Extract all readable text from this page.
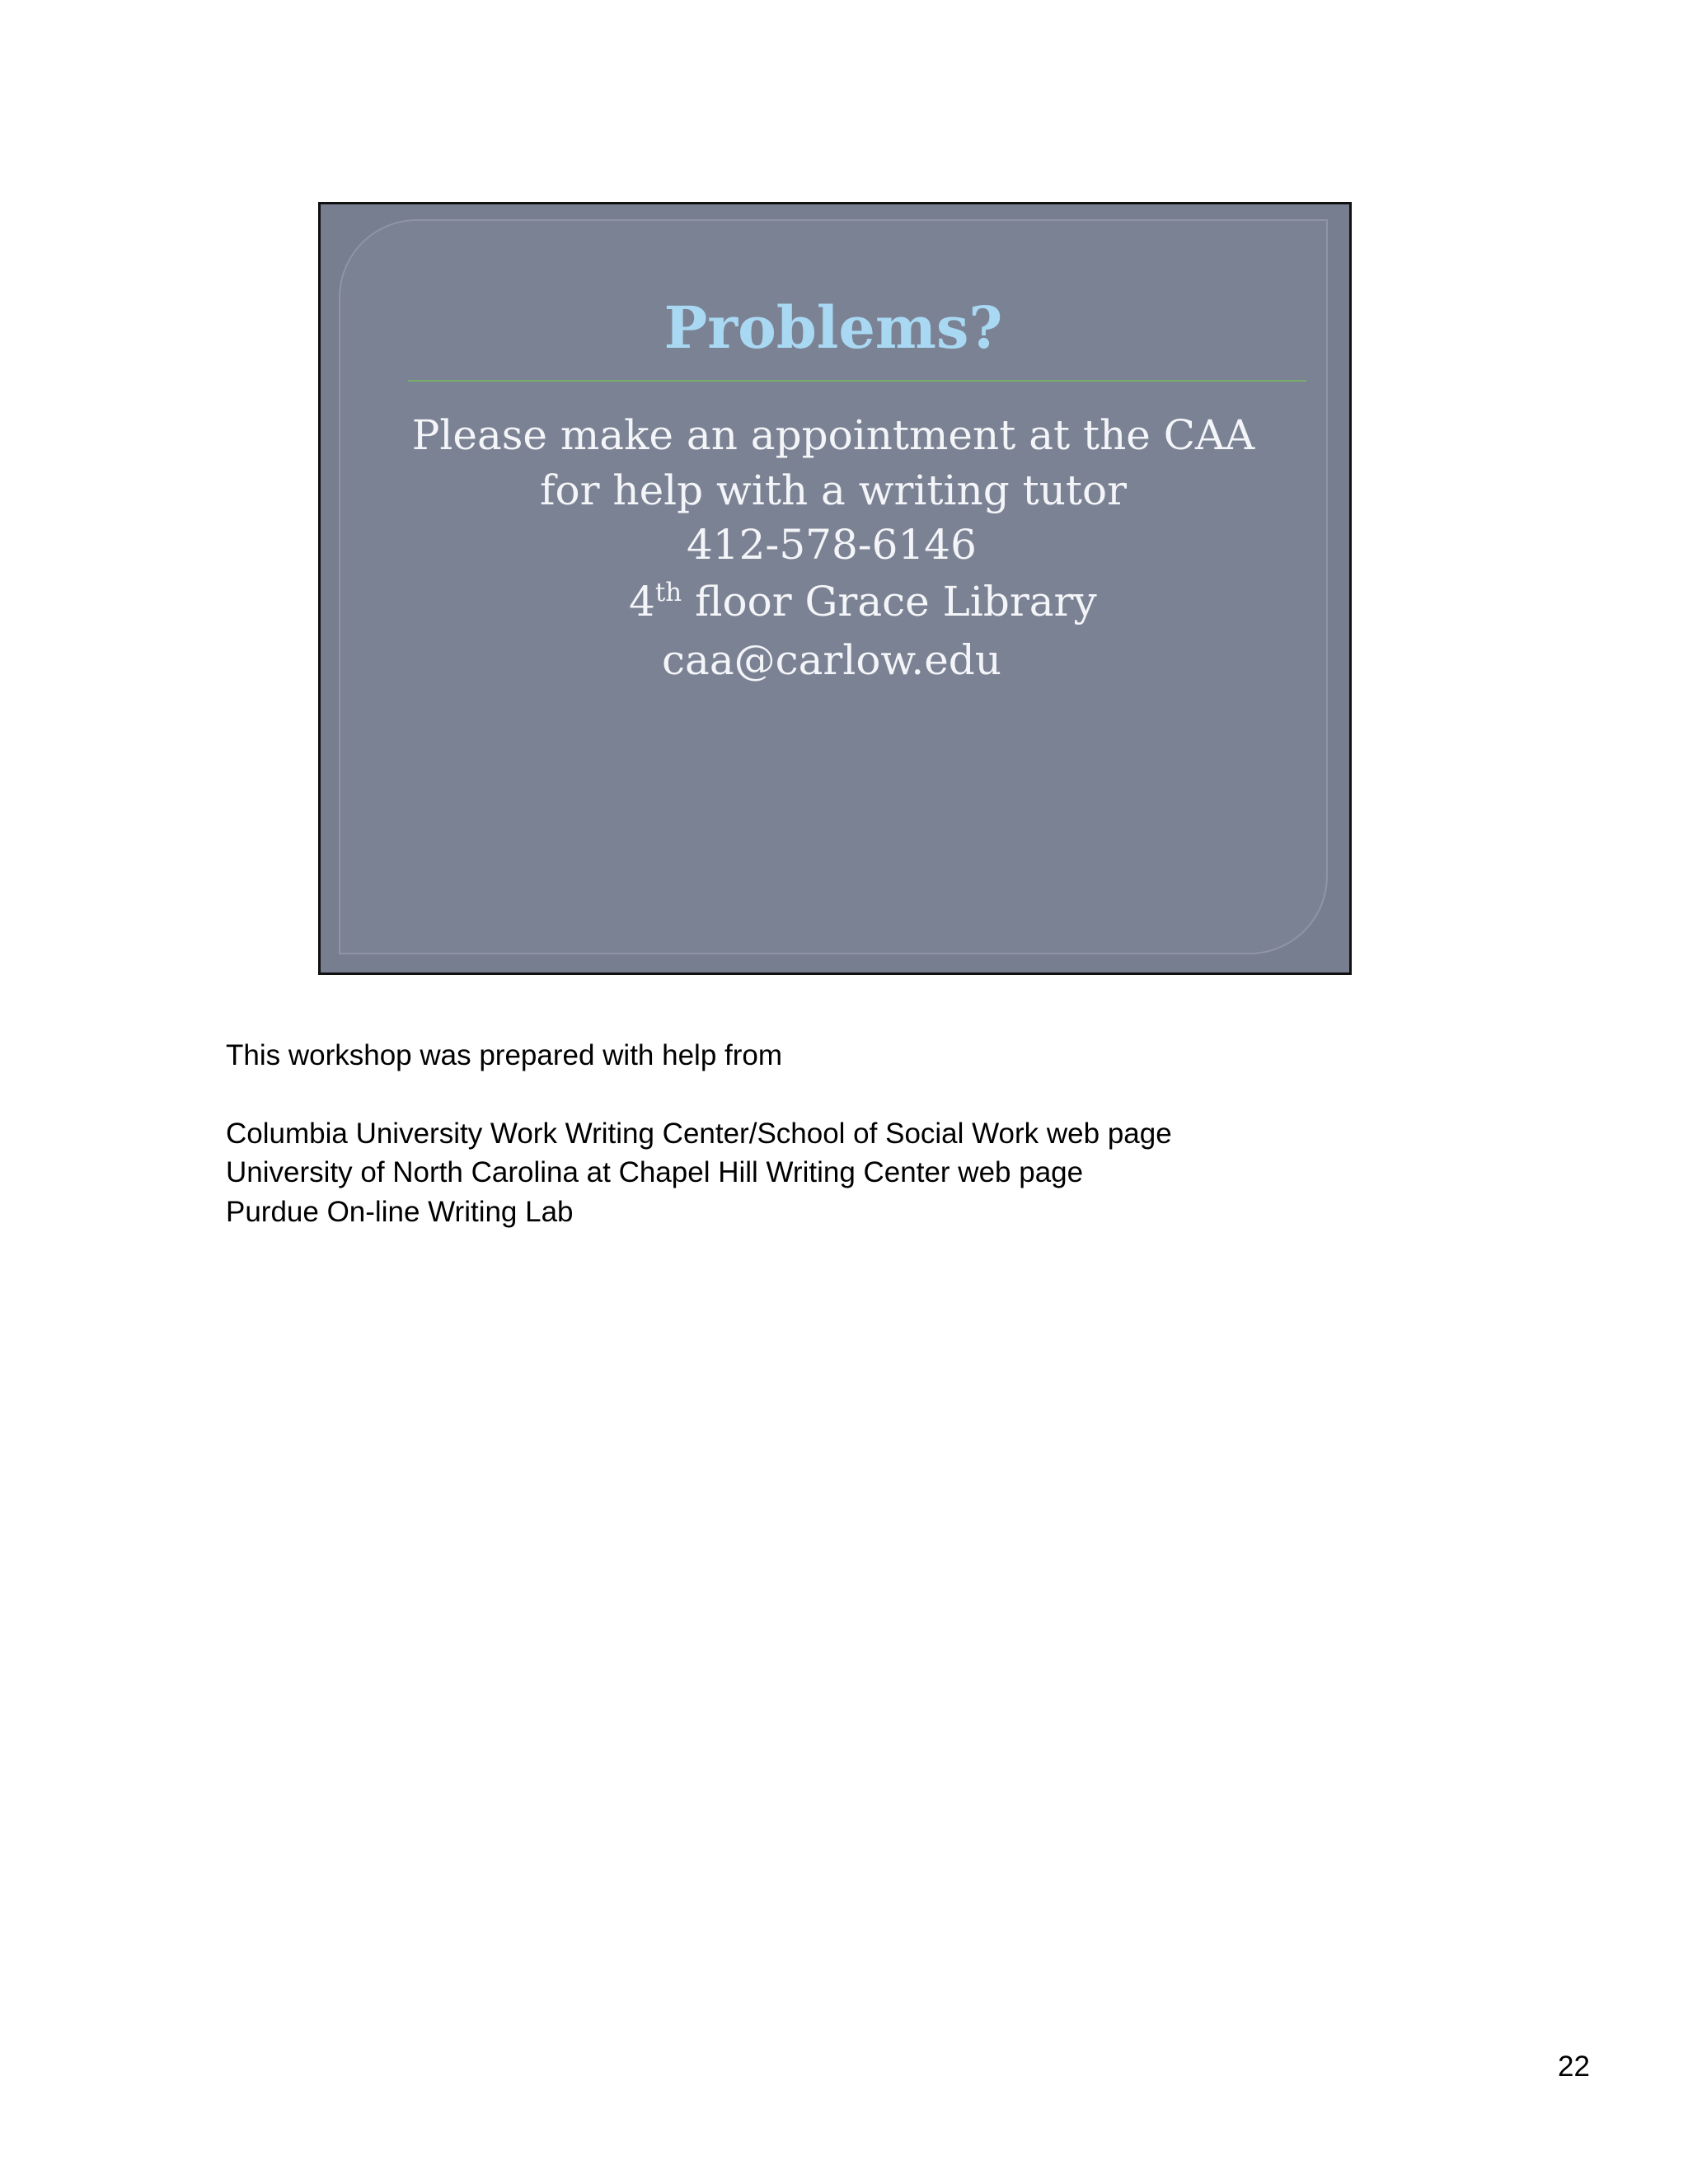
Problems?
Please make an appointment at the CAA
for help with a writing tutor
412-578-6146
4th floor Grace Library
caa@carlow.edu
This workshop was prepared with help from
Columbia University Work Writing Center/School of Social Work web page
University of North Carolina at Chapel Hill Writing Center web page
Purdue On-line Writing Lab
22
